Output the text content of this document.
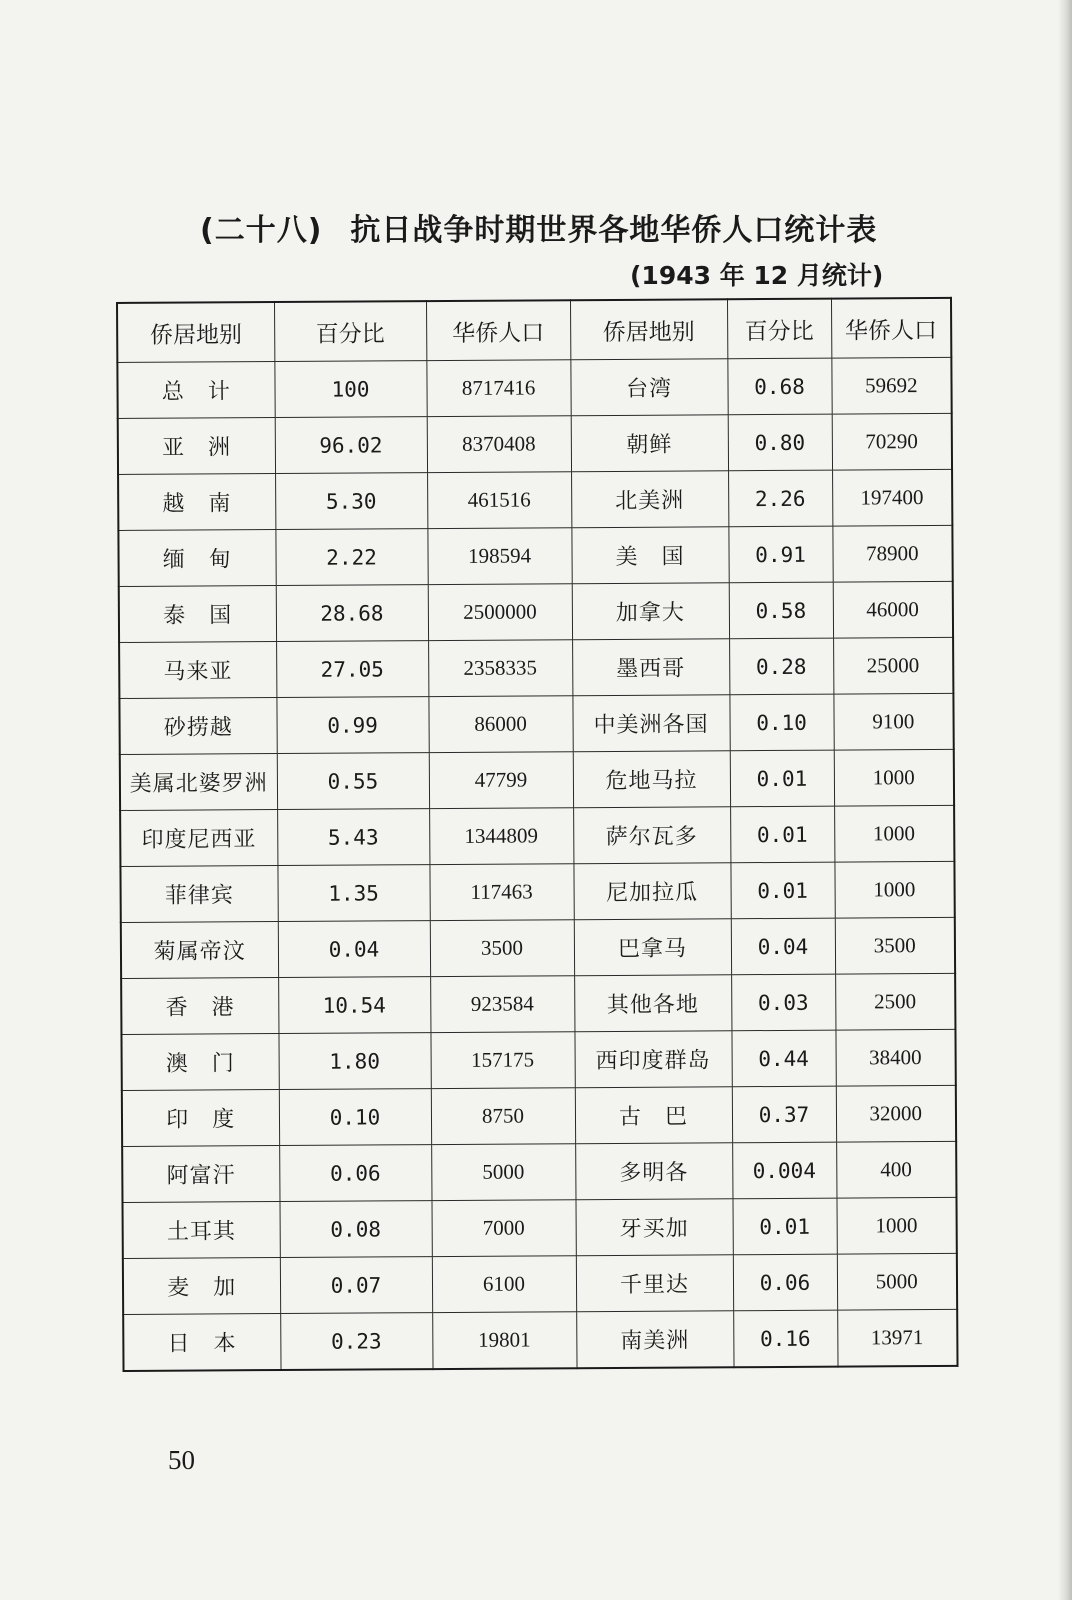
(二十八) 抗日战争时期世界各地华侨人口统计表
(1943 年 12 月统计)
侨居地别	百分比	华侨人口	侨居地别	百分比	华侨人口
总　计	100	8717416	台湾	0.68	59692
亚　洲	96.02	8370408	朝鲜	0.80	70290
越　南	5.30	461516	北美洲	2.26	197400
缅　甸	2.22	198594	美　国	0.91	78900
泰　国	28.68	2500000	加拿大	0.58	46000
马来亚	27.05	2358335	墨西哥	0.28	25000
砂捞越	0.99	86000	中美洲各国	0.10	9100
美属北婆罗洲	0.55	47799	危地马拉	0.01	1000
印度尼西亚	5.43	1344809	萨尔瓦多	0.01	1000
菲律宾	1.35	117463	尼加拉瓜	0.01	1000
菊属帝汶	0.04	3500	巴拿马	0.04	3500
香　港	10.54	923584	其他各地	0.03	2500
澳　门	1.80	157175	西印度群岛	0.44	38400
印　度	0.10	8750	古　巴	0.37	32000
阿富汗	0.06	5000	多明各	0.004	400
土耳其	0.08	7000	牙买加	0.01	1000
麦　加	0.07	6100	千里达	0.06	5000
日　本	0.23	19801	南美洲	0.16	13971
50
